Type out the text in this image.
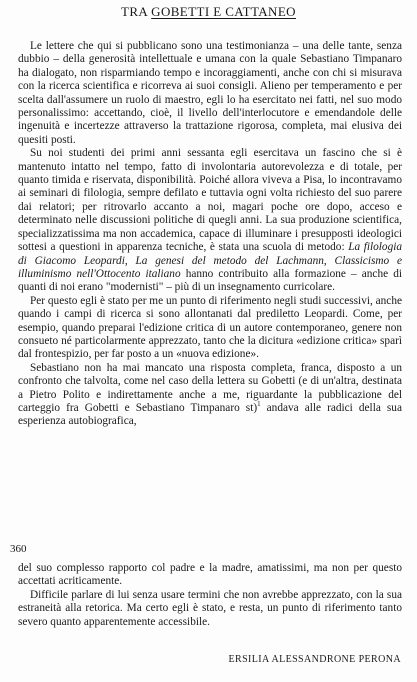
TRA GOBETTI E CATTANEO

Le lettere che qui si pubblicano sono una testimonianza – una delle tante, senza dubbio – della generosità intellettuale e umana con la quale Sebastiano Timpanaro ha dialogato, non risparmiando tempo e incoraggiamenti, anche con chi si misurava con la ricerca scientifica e ricorreva ai suoi consigli. Alieno per temperamento e per scelta dall'assumere un ruolo di maestro, egli lo ha esercitato nei fatti, nel suo modo personalissimo: accettando, cioè, il livello dell'interlocutore e emendandole delle ingenuità e incertezze attraverso la trattazione rigorosa, completa, mai elusiva dei quesiti posti.

Su noi studenti dei primi anni sessanta egli esercitava un fascino che si è mantenuto intatto nel tempo, fatto di involontaria autorevolezza e di totale, per quanto timida e riservata, disponibilità. Poiché allora viveva a Pisa, lo incontravamo ai seminari di filologia, sempre defilato e tuttavia ogni volta richiesto del suo parere dai relatori; per ritrovarlo accanto a noi, magari poche ore dopo, acceso e determinato nelle discussioni politiche di quegli anni. La sua produzione scientifica, specializzatissima ma non accademica, capace di illuminare i presupposti ideologici sottesi a questioni in apparenza tecniche, è stata una scuola di metodo: La filologia di Giacomo Leopardi, La genesi del metodo del Lachmann, Classicismo e illuminismo nell'Ottocento italiano hanno contribuito alla formazione – anche di quanti di noi erano "modernisti" – più di un insegnamento curricolare.

Per questo egli è stato per me un punto di riferimento negli studi successivi, anche quando i campi di ricerca si sono allontanati dal prediletto Leopardi. Come, per esempio, quando preparai l'edizione critica di un autore contemporaneo, genere non consueto né particolarmente apprezzato, tanto che la dicitura «edizione critica» sparì dal frontespizio, per far posto a un «nuova edizione».

Sebastiano non ha mai mancato una risposta completa, franca, disposto a un confronto che talvolta, come nel caso della lettera su Gobetti (e di un'altra, destinata a Pietro Polito e indirettamente anche a me, riguardante la pubblicazione del carteggio fra Gobetti e Sebastiano Timpanaro st)$^1$ andava alle radici della sua esperienza autobiografica,

360

del suo complesso rapporto col padre e la madre, amatissimi, ma non per questo accettati acriticamente.

Difficile parlare di lui senza usare termini che non avrebbe apprezzato, con la sua estraneità alla retorica. Ma certo egli è stato, e resta, un punto di riferimento tanto severo quanto apparentemente accessibile.

ERSILIA ALESSANDRONE PERONA
